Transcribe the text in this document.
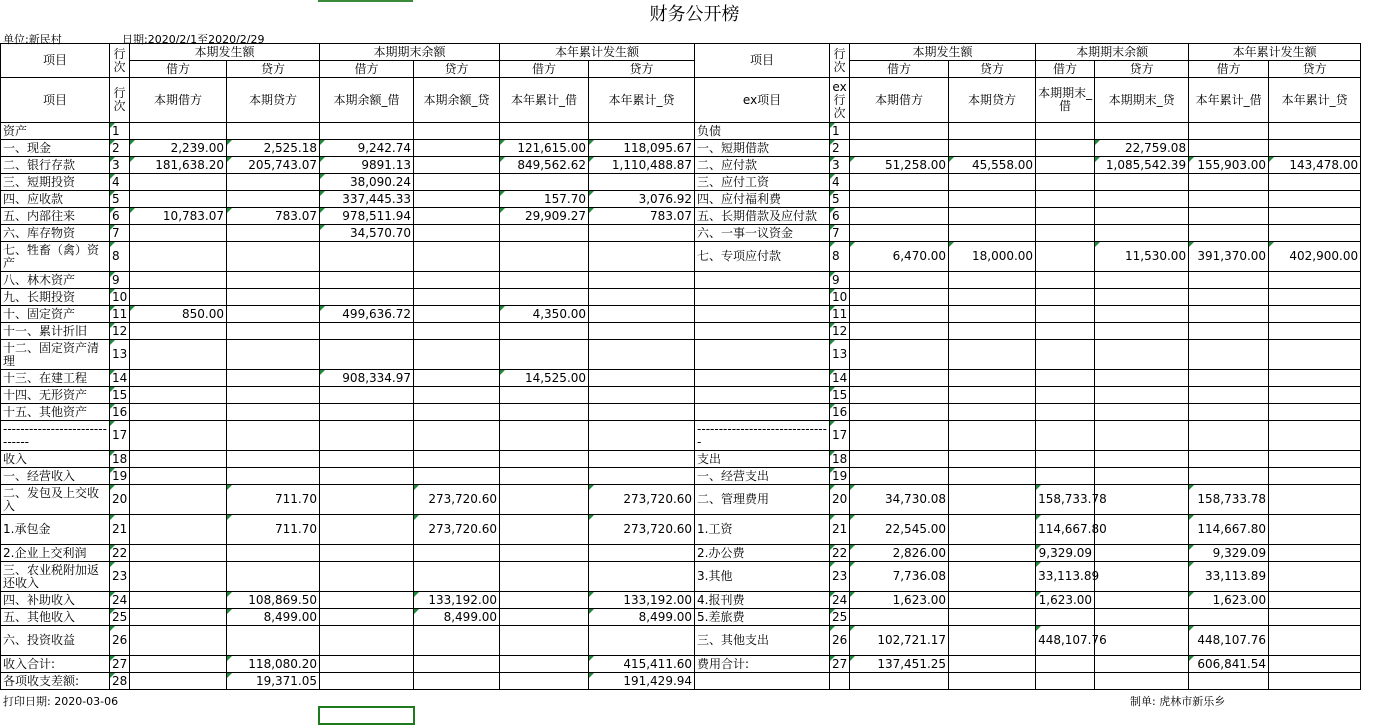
财务公开榜
单位:新民村	日期:2020/2/1至2020/2/29
项目	行次	本期发生额		本期期末余额		本年累计发生额		项目	行次	本期发生额		本期期末余额		本年累计发生额	
		借方	贷方	借方	贷方	借方	贷方			借方	贷方	借方	贷方	借方	贷方
项目	行次	本期借方	本期贷方	本期余额_借	本期余额_贷	本年累计_借	本年累计_贷	ex项目	ex行次	本期借方	本期贷方	本期期末_借	本期期末_贷	本年累计_借	本年累计_贷
资产	1							负债	1						
一、现金	2	2,239.00	2,525.18	9,242.74		121,615.00	118,095.67	一、短期借款	2				22,759.08		
二、银行存款	3	181,638.20	205,743.07	9891.13		849,562.62	1,110,488.87	二、应付款	3	51,258.00	45,558.00		1,085,542.39	155,903.00	143,478.00
三、短期投资	4			38,090.24				三、应付工资	4						
四、应收款	5			337,445.33		157.70	3,076.92	四、应付福利费	5						
五、内部往来	6	10,783.07	783.07	978,511.94		29,909.27	783.07	五、长期借款及应付款	6						
六、库存物资	7			34,570.70				六、一事一议资金	7						
七、牲畜（禽）资产	8							七、专项应付款	8	6,470.00	18,000.00		11,530.00	391,370.00	402,900.00
八、林木资产	9								9						
九、长期投资	10								10						
十、固定资产	11	850.00		499,636.72		4,350.00			11						
十一、累计折旧	12								12						
十二、固定资产清理	13								13						
十三、在建工程	14			908,334.97		14,525.00			14						
十四、无形资产	15								15						
十五、其他资产	16								16						
------------------------------	17							-------------------------------	17						
收入	18							支出	18						
一、经营收入	19							一、经营支出	19						
二、发包及上交收入	20		711.70		273,720.60		273,720.60	二、管理费用	20	34,730.08		158,733.78		158,733.78	
1.承包金	21		711.70		273,720.60		273,720.60	1.工资	21	22,545.00		114,667.80		114,667.80	
2.企业上交利润	22							2.办公费	22	2,826.00		9,329.09		9,329.09	
三、农业税附加返还收入	23							3.其他	23	7,736.08		33,113.89		33,113.89	
四、补助收入	24		108,869.50		133,192.00		133,192.00	4.报刊费	24	1,623.00		1,623.00		1,623.00	
五、其他收入	25		8,499.00		8,499.00		8,499.00	5.差旅费	25						
六、投资收益	26							三、其他支出	26	102,721.17		448,107.76		448,107.76	
收入合计:	27		118,080.20				415,411.60	费用合计:	27	137,451.25				606,841.54	
各项收支差额:	28		19,371.05				191,429.94								
打印日期: 2020-03-06	制单: 虎林市新乐乡
